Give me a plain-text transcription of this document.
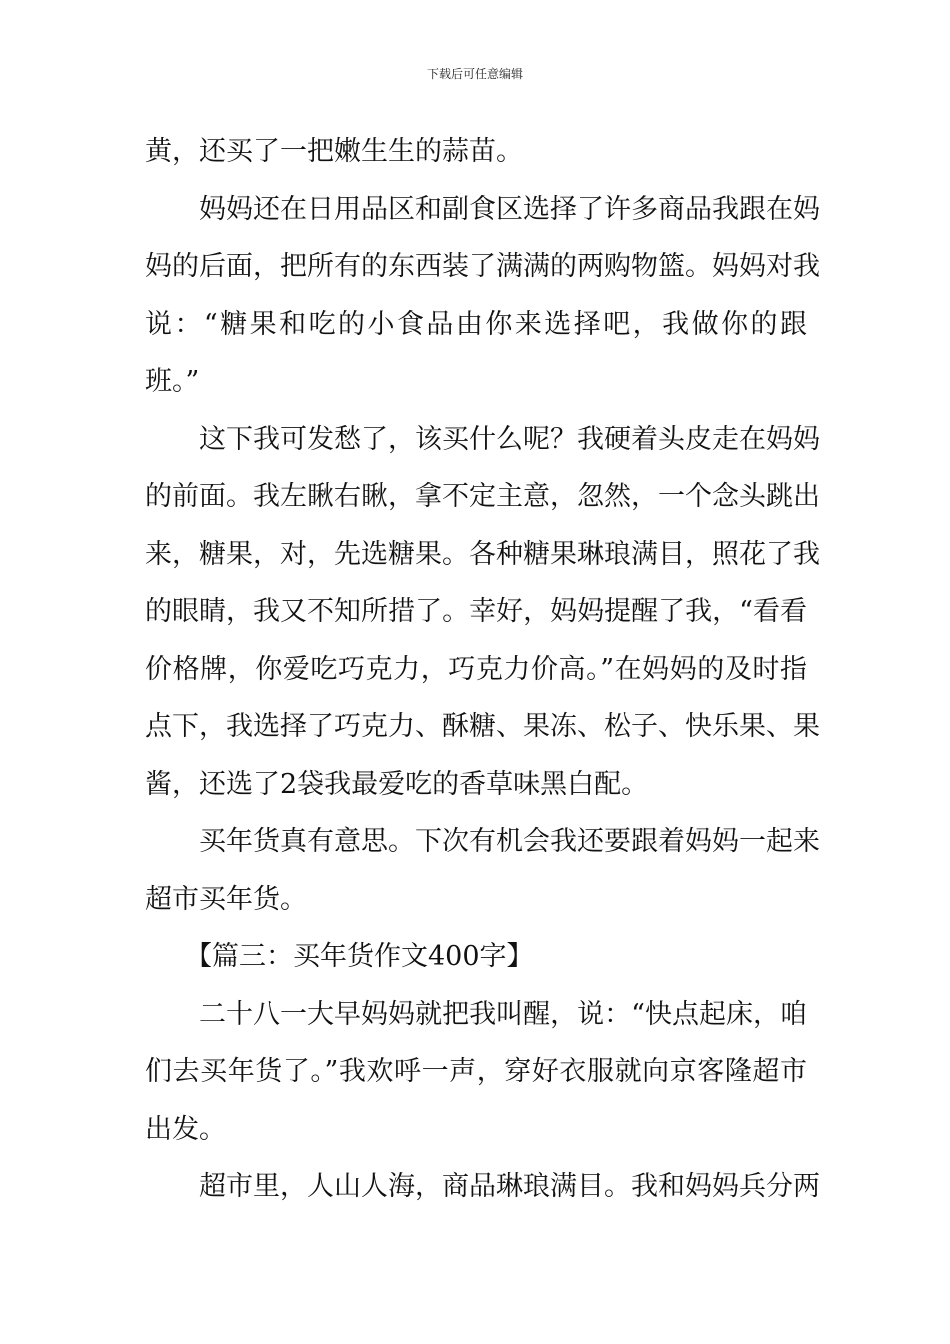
下载后可任意编辑
黄，还买了一把嫩生生的蒜苗。
妈妈还在日用品区和副食区选择了许多商品我跟在妈
妈的后面，把所有的东西装了满满的两购物篮。妈妈对我
说：“糖果和吃的小食品由你来选择吧，我做你的跟
班。”
这下我可发愁了，该买什么呢？我硬着头皮走在妈妈
的前面。我左瞅右瞅，拿不定主意，忽然，一个念头跳出
来，糖果，对，先选糖果。各种糖果琳琅满目，照花了我
的眼睛，我又不知所措了。幸好，妈妈提醒了我，“看看
价格牌，你爱吃巧克力，巧克力价高。”在妈妈的及时指
点下，我选择了巧克力、酥糖、果冻、松子、快乐果、果
酱，还选了2袋我最爱吃的香草味黑白配。
买年货真有意思。下次有机会我还要跟着妈妈一起来
超市买年货。
【篇三：买年货作文400字】
二十八一大早妈妈就把我叫醒，说：“快点起床，咱
们去买年货了。”我欢呼一声，穿好衣服就向京客隆超市
出发。
超市里，人山人海，商品琳琅满目。我和妈妈兵分两
